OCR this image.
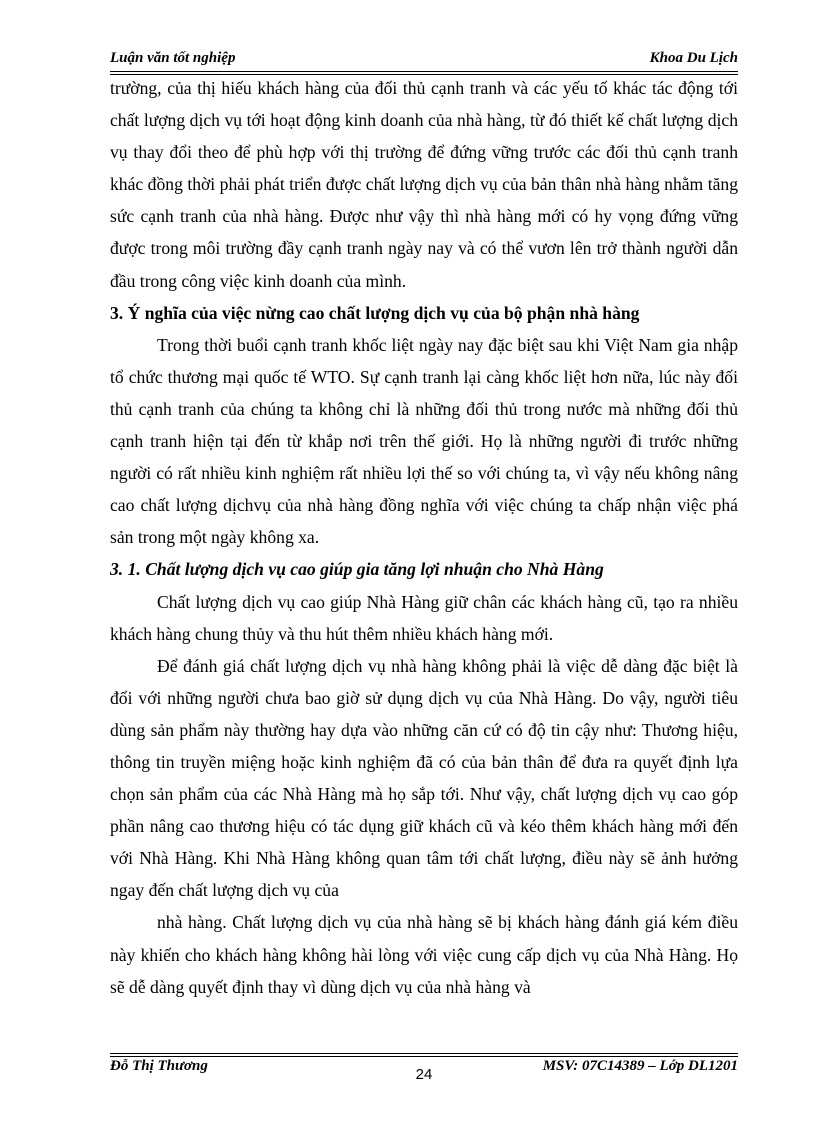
Luận văn tốt nghiệp	Khoa Du Lịch

trường, của thị hiếu khách hàng của đối thủ cạnh tranh và các yếu tố khác tác động tới chất lượng dịch vụ tới hoạt động kinh doanh của nhà hàng, từ đó thiết kế chất lượng dịch vụ thay đổi theo để phù hợp với thị trường để đứng vững trước các đối thủ cạnh tranh khác đồng thời phải phát triển được chất lượng dịch vụ của bản thân nhà hàng nhằm tăng sức cạnh tranh của nhà hàng. Được như vậy thì nhà hàng mới có hy vọng đứng vững được trong môi trường đầy cạnh tranh ngày nay và có thể vươn lên trở thành người dẫn đầu trong công việc kinh doanh của mình.

3. Ý nghĩa của việc nừng cao chất lượng dịch vụ của bộ phận nhà hàng

Trong thời buổi cạnh tranh khốc liệt ngày nay đặc biệt sau khi Việt Nam gia nhập tổ chức thương mại quốc tế WTO. Sự cạnh tranh lại càng khốc liệt hơn nữa, lúc này đối thủ cạnh tranh của chúng ta không chỉ là những đối thủ trong nước mà những đối thủ cạnh tranh hiện tại đến từ khắp nơi trên thế giới. Họ là những người đi trước những người có rất nhiều kinh nghiệm rất nhiều lợi thế so với chúng ta, vì vậy nếu không nâng cao chất lượng dịchvụ của nhà hàng đồng nghĩa với việc chúng ta chấp nhận việc phá sản trong một ngày không xa.

3. 1. Chất lượng dịch vụ cao giúp gia tăng lợi nhuận cho Nhà Hàng

Chất lượng dịch vụ cao giúp Nhà Hàng giữ chân các khách hàng cũ, tạo ra nhiều khách hàng chung thủy và thu hút thêm nhiều khách hàng mới.

Để đánh giá chất lượng dịch vụ nhà hàng không phải là việc dễ dàng đặc biệt là đối với những người chưa bao giờ sử dụng dịch vụ của Nhà Hàng. Do vậy, người tiêu dùng sản phẩm này thường hay dựa vào những căn cứ có độ tin cậy như: Thương hiệu, thông tin truyền miệng hoặc kinh nghiệm đã có của bản thân để đưa ra quyết định lựa chọn sản phẩm của các Nhà Hàng mà họ sắp tới. Như vậy, chất lượng dịch vụ cao góp phần nâng cao thương hiệu có tác dụng giữ khách cũ và kéo thêm khách hàng mới đến với Nhà Hàng. Khi Nhà Hàng không quan tâm tới chất lượng, điều này sẽ ảnh hưởng ngay đến chất lượng dịch vụ của

nhà hàng. Chất lượng dịch vụ của nhà hàng sẽ bị khách hàng đánh giá kém điều này khiến cho khách hàng không hài lòng với việc cung cấp dịch vụ của Nhà Hàng. Họ sẽ dễ dàng quyết định thay vì dùng dịch vụ của nhà hàng và

Đỗ Thị Thương	24	MSV: 07C14389 – Lớp DL1201
